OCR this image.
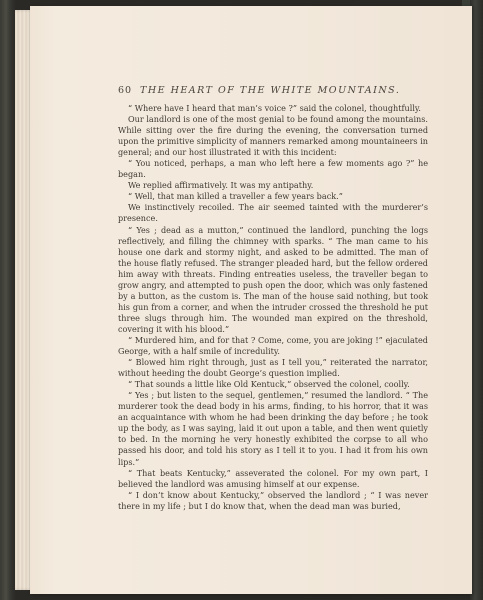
60 THE HEART OF THE WHITE MOUNTAINS.

“ Where have I heard that man’s voice ?” said the colonel, thoughtfully.

Our landlord is one of the most genial to be found among the mountains. While sitting over the fire during the evening, the conversation turned upon the primitive simplicity of manners remarked among mountaineers in general; and our host illustrated it with this incident:

“ You noticed, perhaps, a man who left here a few moments ago ?” he began.

We replied affirmatively. It was my antipathy.

“ Well, that man killed a traveller a few years back.”

We instinctively recoiled. The air seemed tainted with the murderer’s presence.

“ Yes ; dead as a mutton,” continued the landlord, punching the logs reflectively, and filling the chimney with sparks. “ The man came to his house one dark and stormy night, and asked to be admitted. The man of the house flatly refused. The stranger pleaded hard, but the fellow ordered him away with threats. Finding entreaties useless, the traveller began to grow angry, and attempted to push open the door, which was only fastened by a button, as the custom is. The man of the house said nothing, but took his gun from a corner, and when the intruder crossed the threshold he put three slugs through him. The wounded man expired on the threshold, covering it with his blood.”

“ Murdered him, and for that ? Come, come, you are joking !” ejaculated George, with a half smile of incredulity.

“ Blowed him right through, just as I tell you,” reiterated the narrator, without heeding the doubt George’s question implied.

“ That sounds a little like Old Kentuck,” observed the colonel, coolly.

“ Yes ; but listen to the sequel, gentlemen,” resumed the landlord. “ The murderer took the dead body in his arms, finding, to his horror, that it was an acquaintance with whom he had been drinking the day before ; he took up the body, as I was saying, laid it out upon a table, and then went quietly to bed. In the morning he very honestly exhibited the corpse to all who passed his door, and told his story as I tell it to you. I had it from his own lips.”

“ That beats Kentucky,” asseverated the colonel. For my own part, I believed the landlord was amusing himself at our expense.

“ I don’t know about Kentucky,” observed the landlord ; “ I was never there in my life ; but I do know that, when the dead man was buried,
